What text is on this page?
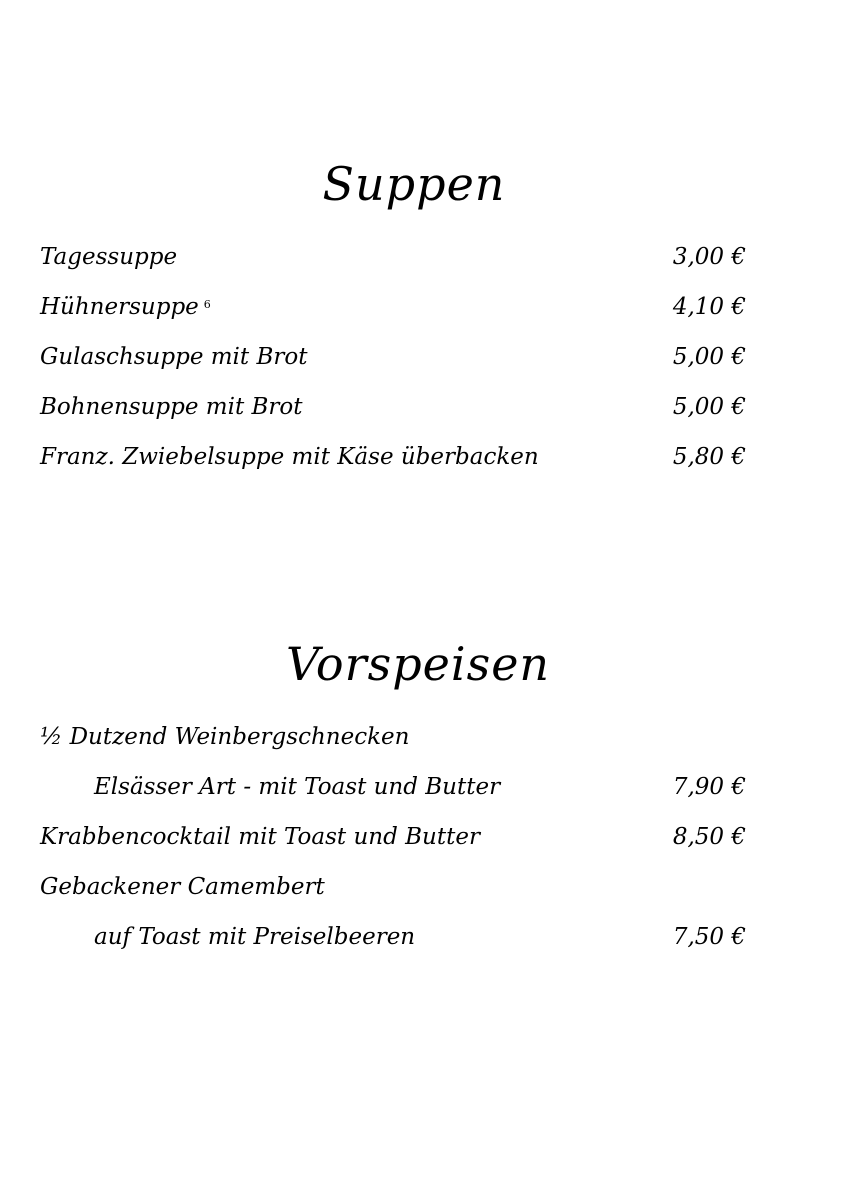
Suppen
Tagessuppe	3,00 €
Hühnersuppe $^6$	4,10 €
Gulaschsuppe mit Brot	5,00 €
Bohnensuppe mit Brot	5,00 €
Franz. Zwiebelsuppe mit Käse überbacken	5,80 €
Vorspeisen
½ Dutzend Weinbergschnecken
Elsässer Art - mit Toast und Butter	7,90 €
Krabbencocktail mit Toast und Butter	8,50 €
Gebackener Camembert
auf Toast mit Preiselbeeren	7,50 €
